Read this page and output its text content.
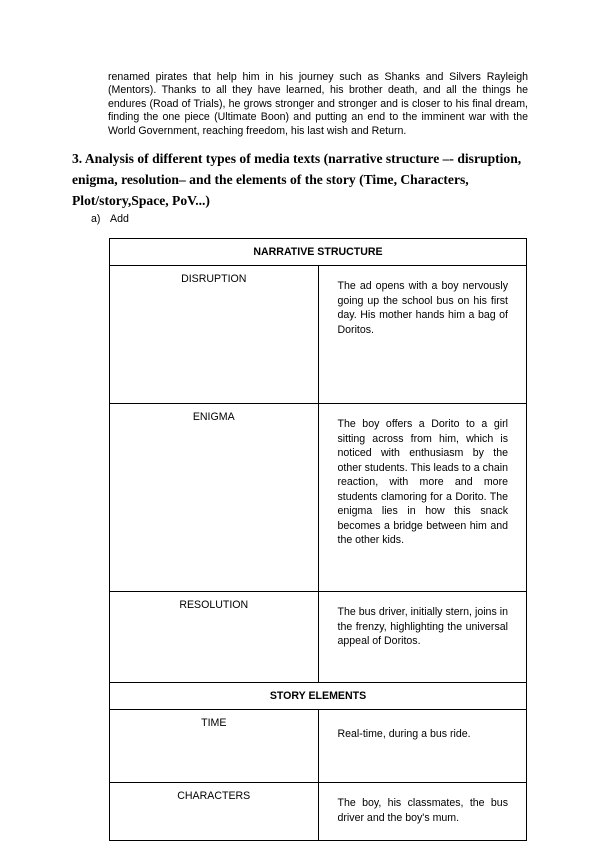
renamed pirates that help him in his journey such as Shanks and Silvers Rayleigh (Mentors). Thanks to all they have learned, his brother death, and all the things he endures (Road of Trials), he grows stronger and stronger and is closer to his final dream, finding the one piece (Ultimate Boon) and putting an end to the imminent war with the World Government, reaching freedom, his last wish and Return.
3. Analysis of different types of media texts (narrative structure –- disruption, enigma, resolution– and the elements of the story (Time, Characters, Plot/story,Space, PoV...)
a) Add
NARRATIVE STRUCTURE	
DISRUPTION	The ad opens with a boy nervously going up the school bus on his first day. His mother hands him a bag of Doritos.
ENIGMA	The boy offers a Dorito to a girl sitting across from him, which is noticed with enthusiasm by the other students. This leads to a chain reaction, with more and more students clamoring for a Dorito. The enigma lies in how this snack becomes a bridge between him and the other kids.
RESOLUTION	The bus driver, initially stern, joins in the frenzy, highlighting the universal appeal of Doritos.
STORY ELEMENTS	
TIME	Real-time, during a bus ride.
CHARACTERS	The boy, his classmates, the bus driver and the boy's mum.
